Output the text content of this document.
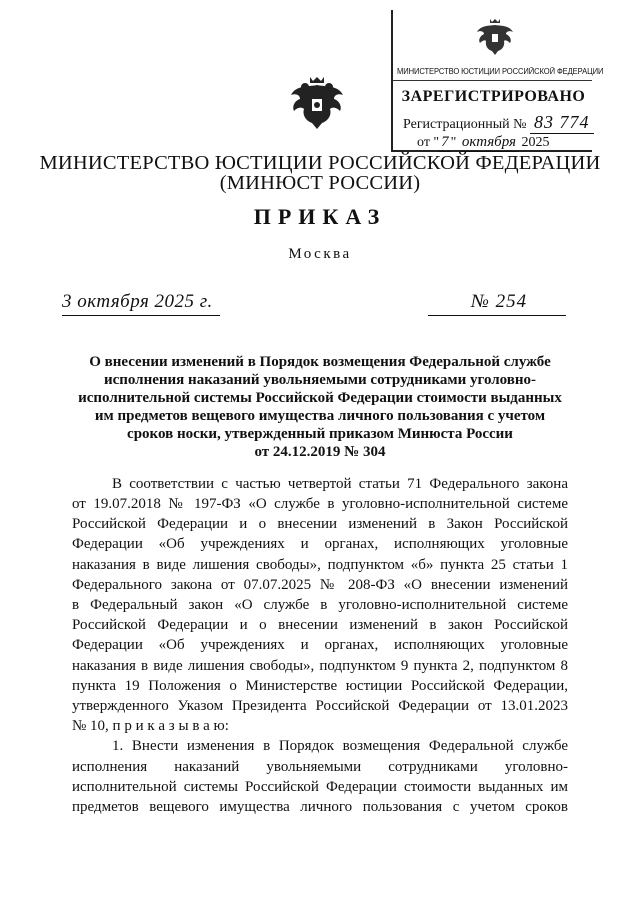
МИНИСТЕРСТВО ЮСТИЦИИ РОССИЙСКОЙ ФЕДЕРАЦИИ
ЗАРЕГИСТРИРОВАНО
Регистрационный № 83 774
от " 7 " октября 2025
МИНИСТЕРСТВО ЮСТИЦИИ РОССИЙСКОЙ ФЕДЕРАЦИИ
(МИНЮСТ РОССИИ)
ПРИКАЗ
Москва
3 октября 2025 г.	№ 254
О внесении изменений в Порядок возмещения Федеральной службе
исполнения наказаний увольняемыми сотрудниками уголовно-
исполнительной системы Российской Федерации стоимости выданных
им предметов вещевого имущества личного пользования с учетом
сроков носки, утвержденный приказом Минюста России
от 24.12.2019 № 304
В соответствии с частью четвертой статьи 71 Федерального закона
от 19.07.2018 № 197-ФЗ «О службе в уголовно-исполнительной системе
Российской Федерации и о внесении изменений в Закон Российской
Федерации «Об учреждениях и органах, исполняющих уголовные
наказания в виде лишения свободы», подпунктом «б» пункта 25 статьи 1
Федерального закона от 07.07.2025 № 208-ФЗ «О внесении изменений
в Федеральный закон «О службе в уголовно-исполнительной системе
Российской Федерации и о внесении изменений в закон Российской
Федерации «Об учреждениях и органах, исполняющих уголовные
наказания в виде лишения свободы», подпунктом 9 пункта 2, подпунктом 8
пункта 19 Положения о Министерстве юстиции Российской Федерации,
утвержденного Указом Президента Российской Федерации от 13.01.2023
№ 10, п р и к а з ы в а ю:
1. Внести изменения в Порядок возмещения Федеральной службе
исполнения наказаний увольняемыми сотрудниками уголовно-
исполнительной системы Российской Федерации стоимости выданных им
предметов вещевого имущества личного пользования с учетом сроков
